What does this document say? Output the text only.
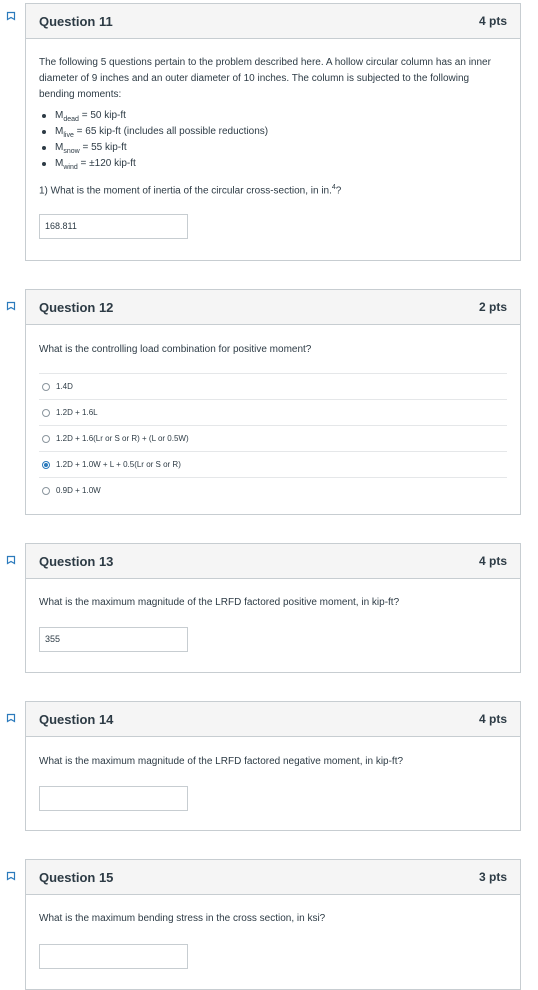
Question 11	4 pts

The following 5 questions pertain to the problem described here. A hollow circular column has an inner diameter of 9 inches and an outer diameter of 10 inches. The column is subjected to the following bending moments:

$M_{dead} = 50$ kip-ft
$M_{live} = 65$ kip-ft (includes all possible reductions)
$M_{snow} = 55$ kip-ft
$M_{wind} = \pm 120$ kip-ft

1) What is the moment of inertia of the circular cross-section, in in.$^4$?

168.811
Question 12	2 pts

What is the controlling load combination for positive moment?

1.4D
1.2D + 1.6L
1.2D + 1.6(Lr or S or R) + (L or 0.5W)
1.2D + 1.0W + L + 0.5(Lr or S or R)
0.9D + 1.0W
Question 13	4 pts

What is the maximum magnitude of the LRFD factored positive moment, in kip-ft?

355
Question 14	4 pts

What is the maximum magnitude of the LRFD factored negative moment, in kip-ft?

Question 15	3 pts

What is the maximum bending stress in the cross section, in ksi?
